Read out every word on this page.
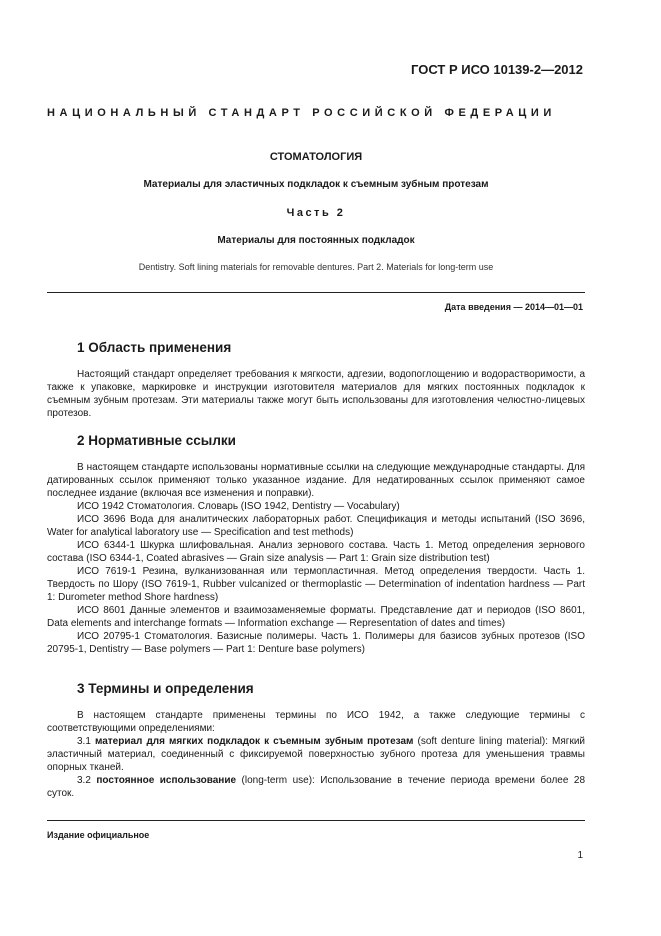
ГОСТ Р ИСО 10139-2—2012
НАЦИОНАЛЬНЫЙ СТАНДАРТ РОССИЙСКОЙ ФЕДЕРАЦИИ
СТОМАТОЛОГИЯ
Материалы для эластичных подкладок к съемным зубным протезам
Часть 2
Материалы для постоянных подкладок
Dentistry. Soft lining materials for removable dentures. Part 2. Materials for long-term use
Дата введения — 2014—01—01
1 Область применения
Настоящий стандарт определяет требования к мягкости, адгезии, водопоглощению и водорастворимости, а также к упаковке, маркировке и инструкции изготовителя материалов для мягких постоянных подкладок к съемным зубным протезам. Эти материалы также могут быть использованы для изготовления челюстно-лицевых протезов.
2 Нормативные ссылки
В настоящем стандарте использованы нормативные ссылки на следующие международные стандарты. Для датированных ссылок применяют только указанное издание. Для недатированных ссылок применяют самое последнее издание (включая все изменения и поправки).
ИСО 1942 Стоматология. Словарь (ISO 1942, Dentistry — Vocabulary)
ИСО 3696 Вода для аналитических лабораторных работ. Спецификация и методы испытаний (ISO 3696, Water for analytical laboratory use — Specification and test methods)
ИСО 6344-1 Шкурка шлифовальная. Анализ зернового состава. Часть 1. Метод определения зернового состава (ISO 6344-1, Coated abrasives — Grain size analysis — Part 1: Grain size distribution test)
ИСО 7619-1 Резина, вулканизованная или термопластичная. Метод определения твердости. Часть 1. Твердость по Шору (ISO 7619-1, Rubber vulcanized or thermoplastic — Determination of indentation hardness — Part 1: Durometer method Shore hardness)
ИСО 8601 Данные элементов и взаимозаменяемые форматы. Представление дат и периодов (ISO 8601, Data elements and interchange formats — Information exchange — Representation of dates and times)
ИСО 20795-1 Стоматология. Базисные полимеры. Часть 1. Полимеры для базисов зубных протезов (ISO 20795-1, Dentistry — Base polymers — Part 1: Denture base polymers)
3 Термины и определения
В настоящем стандарте применены термины по ИСО 1942, а также следующие термины с соответствующими определениями:
3.1 материал для мягких подкладок к съемным зубным протезам (soft denture lining material): Мягкий эластичный материал, соединенный с фиксируемой поверхностью зубного протеза для уменьшения травмы опорных тканей.
3.2 постоянное использование (long-term use): Использование в течение периода времени более 28 суток.
Издание официальное
1
